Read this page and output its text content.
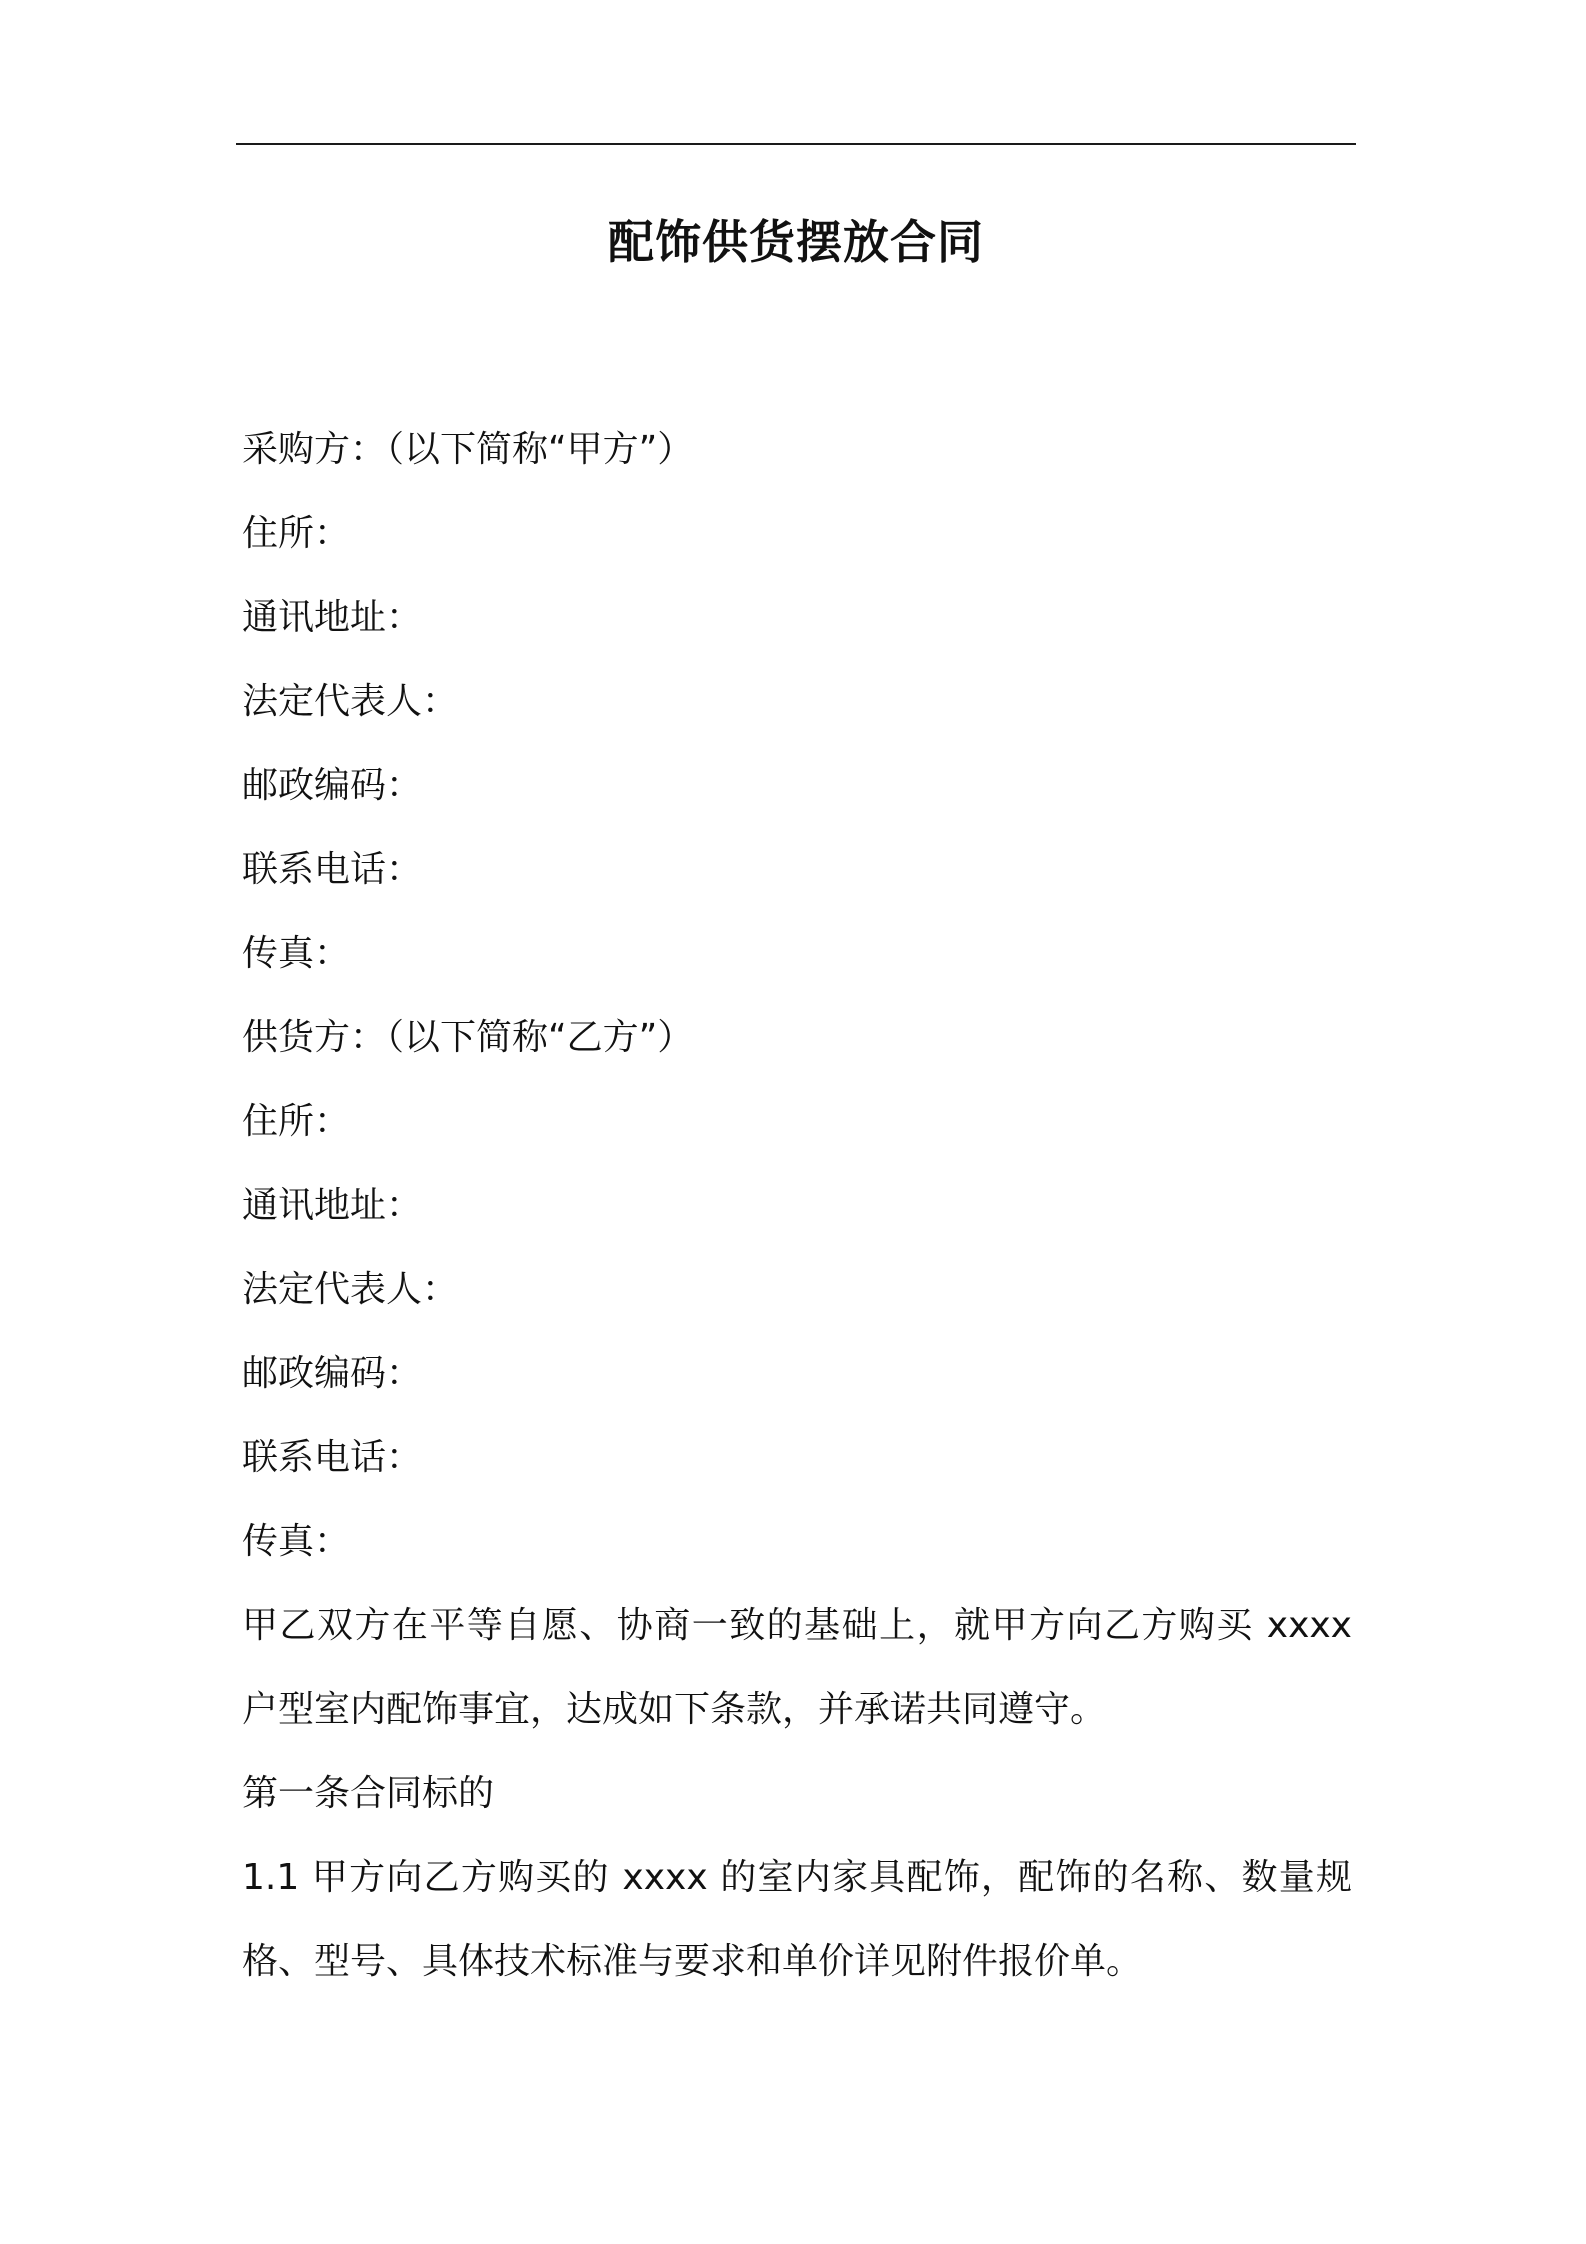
配饰供货摆放合同
采购方：（以下简称“甲方”）
住所：
通讯地址：
法定代表人：
邮政编码：
联系电话：
传真：
供货方：（以下简称“乙方”）
住所：
通讯地址：
法定代表人：
邮政编码：
联系电话：
传真：
甲乙双方在平等自愿、协商一致的基础上，就甲方向乙方购买 xxxx 户型室内配饰事宜，达成如下条款，并承诺共同遵守。
第一条合同标的
1.1 甲方向乙方购买的 xxxx 的室内家具配饰，配饰的名称、数量规格、型号、具体技术标准与要求和单价详见附件报价单。
